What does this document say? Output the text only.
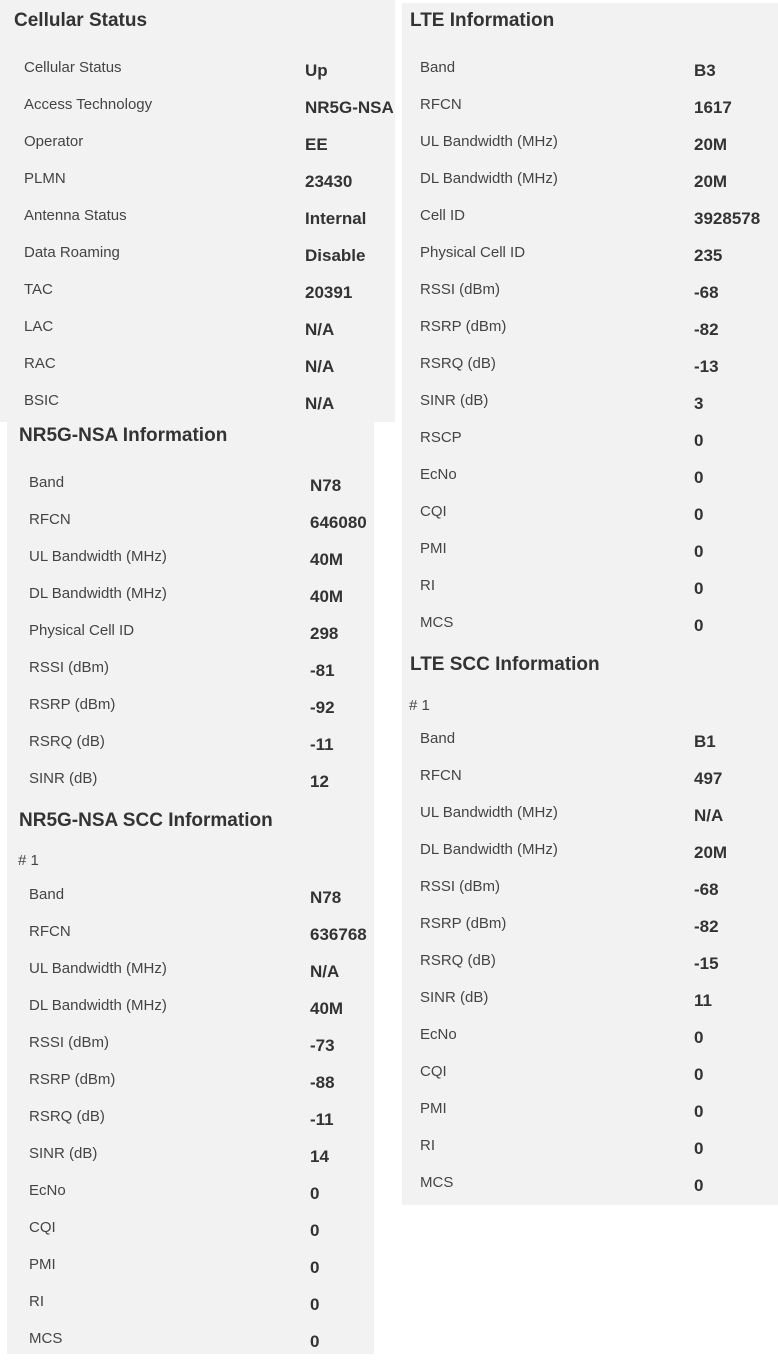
Cellular Status	LTE Information
NR5G-NSA Information
NR5G-NSA SCC Information
LTE SCC Information
# 1
# 1
Cellular Status	Up
Access Technology	NR5G-NSA
Operator	EE
PLMN	23430
Antenna Status	Internal
Data Roaming	Disable
TAC	20391
LAC	N/A
RAC	N/A
BSIC	N/A
Band	N78
RFCN	646080
UL Bandwidth (MHz)	40M
DL Bandwidth (MHz)	40M
Physical Cell ID	298
RSSI (dBm)	-81
RSRP (dBm)	-92
RSRQ (dB)	-11
SINR (dB)	12
Band	N78
RFCN	636768
UL Bandwidth (MHz)	N/A
DL Bandwidth (MHz)	40M
RSSI (dBm)	-73
RSRP (dBm)	-88
RSRQ (dB)	-11
SINR (dB)	14
EcNo	0
CQI	0
PMI	0
RI	0
MCS	0
Band	B3
RFCN	1617
UL Bandwidth (MHz)	20M
DL Bandwidth (MHz)	20M
Cell ID	3928578
Physical Cell ID	235
RSSI (dBm)	-68
RSRP (dBm)	-82
RSRQ (dB)	-13
SINR (dB)	3
RSCP	0
EcNo	0
CQI	0
PMI	0
RI	0
MCS	0
Band	B1
RFCN	497
UL Bandwidth (MHz)	N/A
DL Bandwidth (MHz)	20M
RSSI (dBm)	-68
RSRP (dBm)	-82
RSRQ (dB)	-15
SINR (dB)	11
EcNo	0
CQI	0
PMI	0
RI	0
MCS	0
